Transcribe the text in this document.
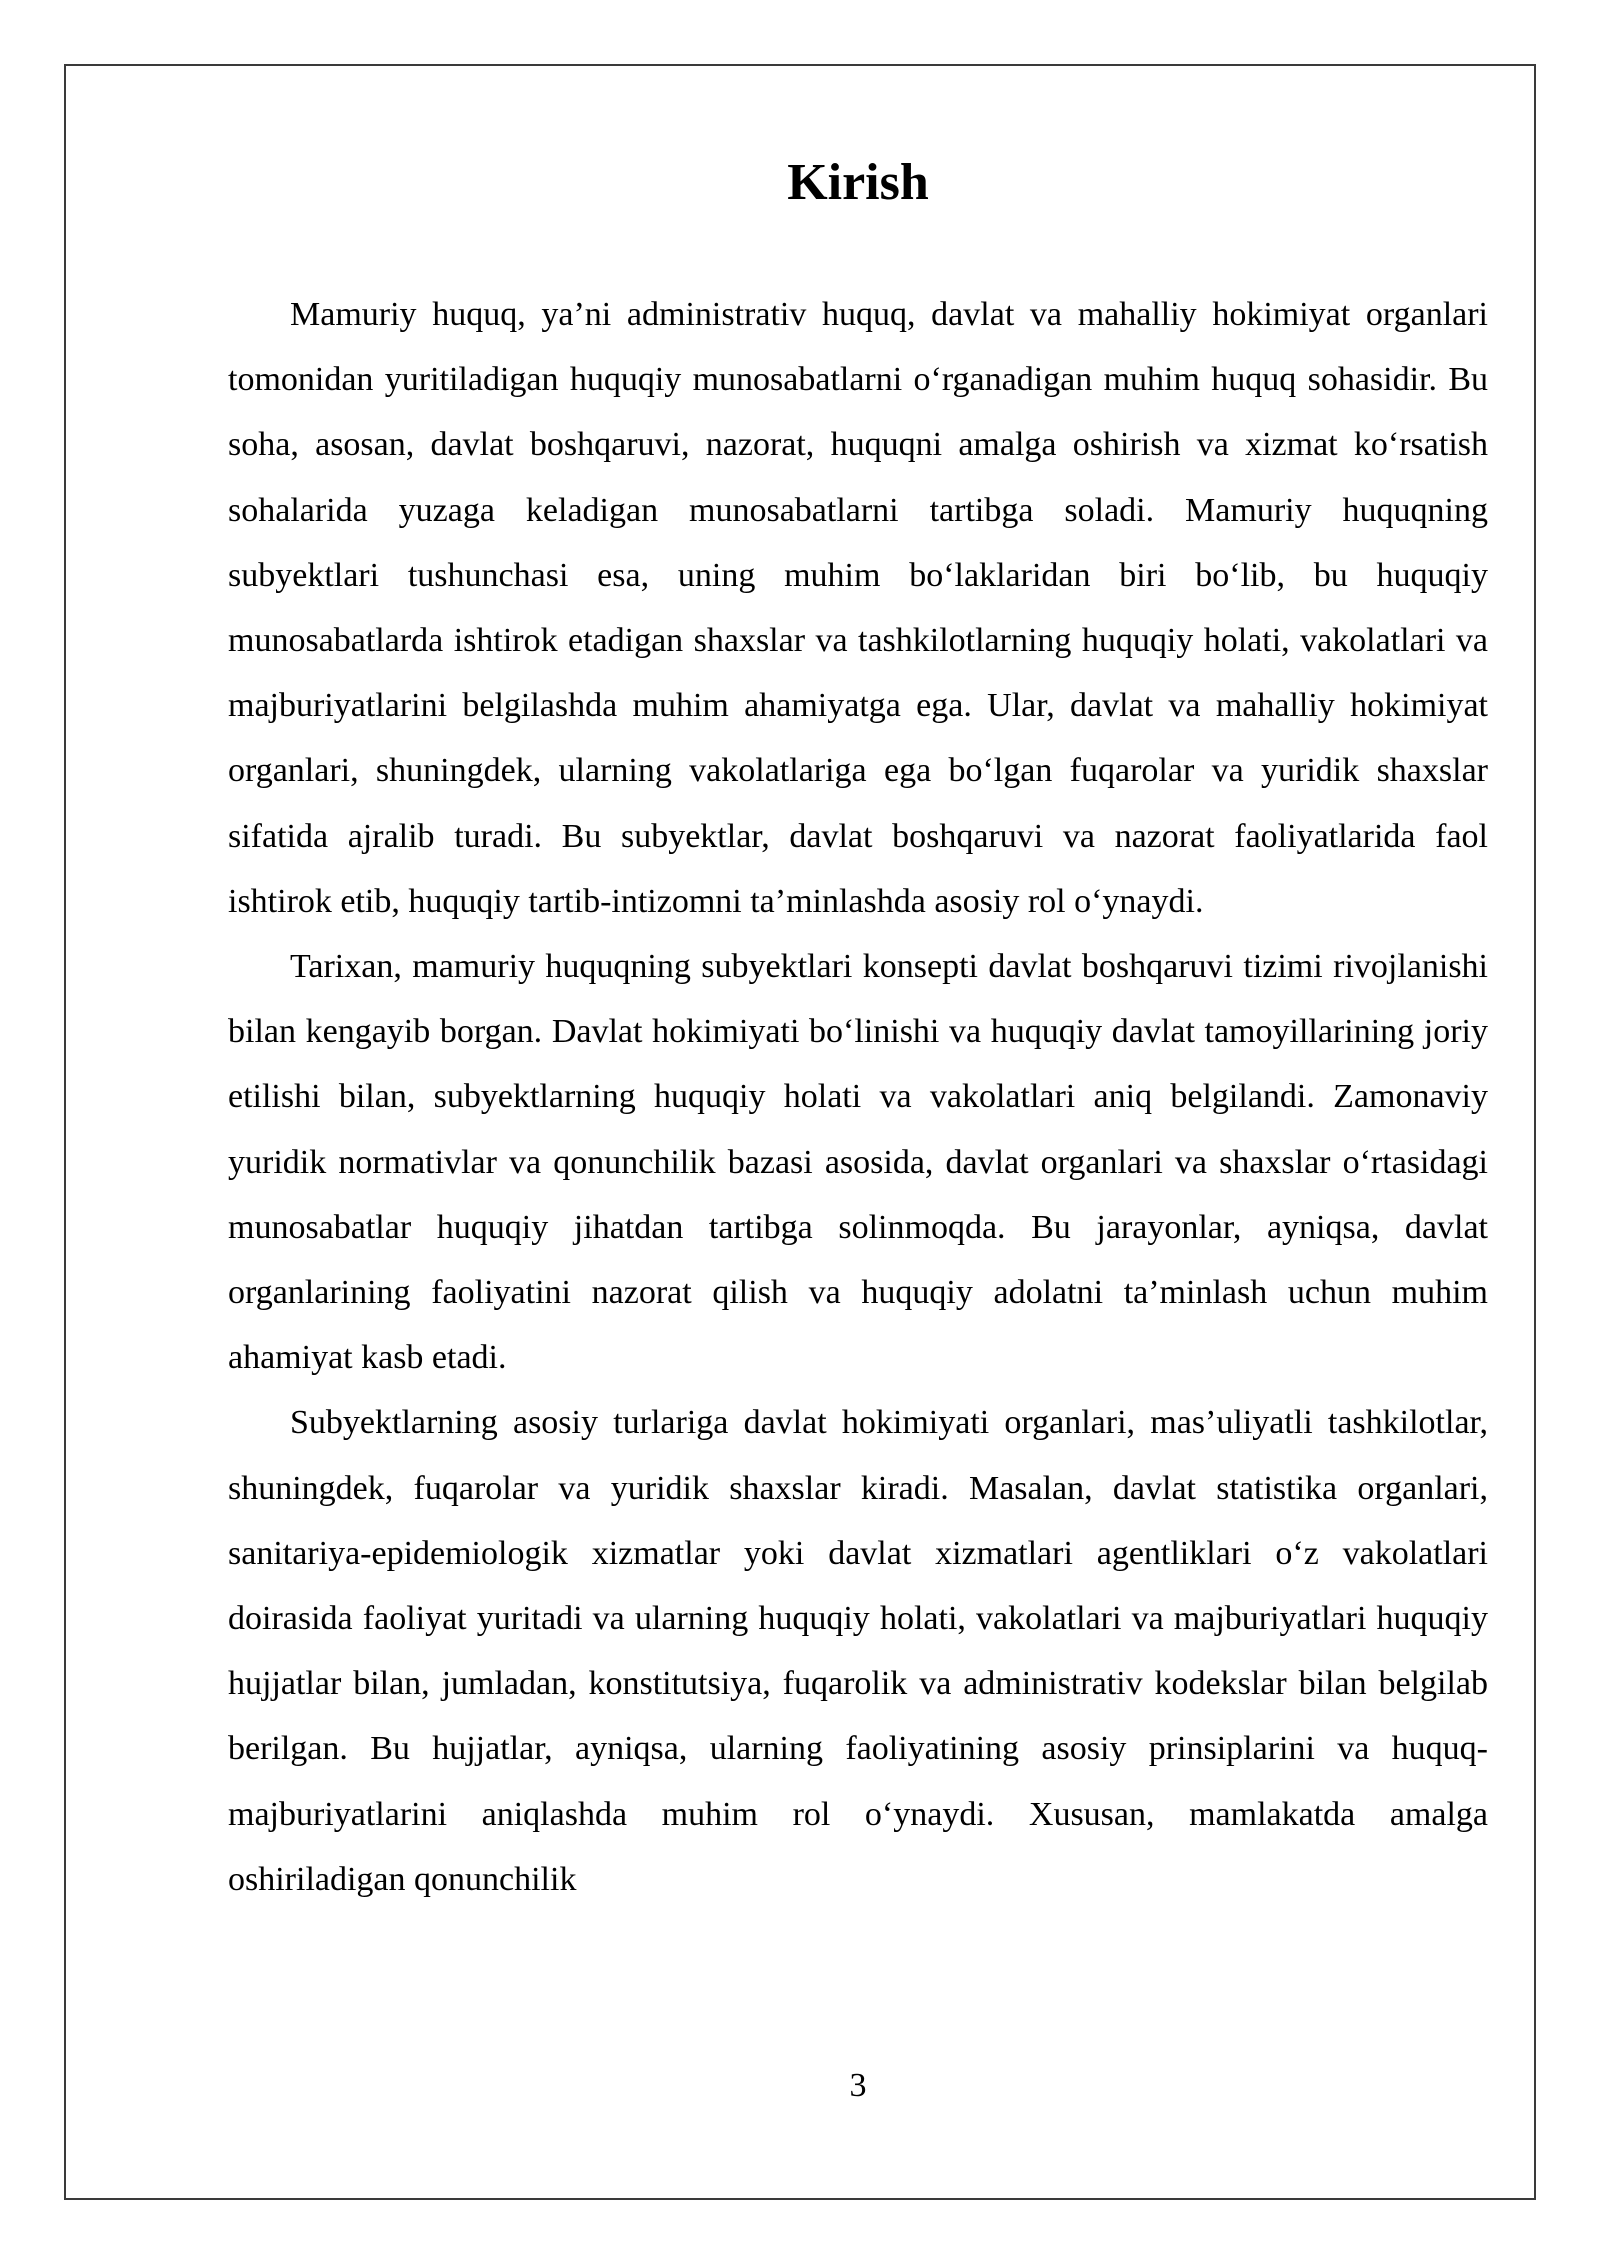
Kirish

Mamuriy huquq, ya’ni administrativ huquq, davlat va mahalliy hokimiyat organlari tomonidan yuritiladigan huquqiy munosabatlarni o‘rganadigan muhim huquq sohasidir. Bu soha, asosan, davlat boshqaruvi, nazorat, huquqni amalga oshirish va xizmat ko‘rsatish sohalarida yuzaga keladigan munosabatlarni tartibga soladi. Mamuriy huquqning subyektlari tushunchasi esa, uning muhim bo‘laklaridan biri bo‘lib, bu huquqiy munosabatlarda ishtirok etadigan shaxslar va tashkilotlarning huquqiy holati, vakolatlari va majburiyatlarini belgilashda muhim ahamiyatga ega. Ular, davlat va mahalliy hokimiyat organlari, shuningdek, ularning vakolatlariga ega bo‘lgan fuqarolar va yuridik shaxslar sifatida ajralib turadi. Bu subyektlar, davlat boshqaruvi va nazorat faoliyatlarida faol ishtirok etib, huquqiy tartib-intizomni ta’minlashda asosiy rol o‘ynaydi.

Tarixan, mamuriy huquqning subyektlari konsepti davlat boshqaruvi tizimi rivojlanishi bilan kengayib borgan. Davlat hokimiyati bo‘linishi va huquqiy davlat tamoyillarining joriy etilishi bilan, subyektlarning huquqiy holati va vakolatlari aniq belgilandi. Zamonaviy yuridik normativlar va qonunchilik bazasi asosida, davlat organlari va shaxslar o‘rtasidagi munosabatlar huquqiy jihatdan tartibga solinmoqda. Bu jarayonlar, ayniqsa, davlat organlarining faoliyatini nazorat qilish va huquqiy adolatni ta’minlash uchun muhim ahamiyat kasb etadi.

Subyektlarning asosiy turlariga davlat hokimiyati organlari, mas’uliyatli tashkilotlar, shuningdek, fuqarolar va yuridik shaxslar kiradi. Masalan, davlat statistika organlari, sanitariya-epidemiologik xizmatlar yoki davlat xizmatlari agentliklari o‘z vakolatlari doirasida faoliyat yuritadi va ularning huquqiy holati, vakolatlari va majburiyatlari huquqiy hujjatlar bilan, jumladan, konstitutsiya, fuqarolik va administrativ kodekslar bilan belgilab berilgan. Bu hujjatlar, ayniqsa, ularning faoliyatining asosiy prinsiplarini va huquq-majburiyatlarini aniqlashda muhim rol o‘ynaydi. Xususan, mamlakatda amalga oshiriladigan qonunchilik

3
